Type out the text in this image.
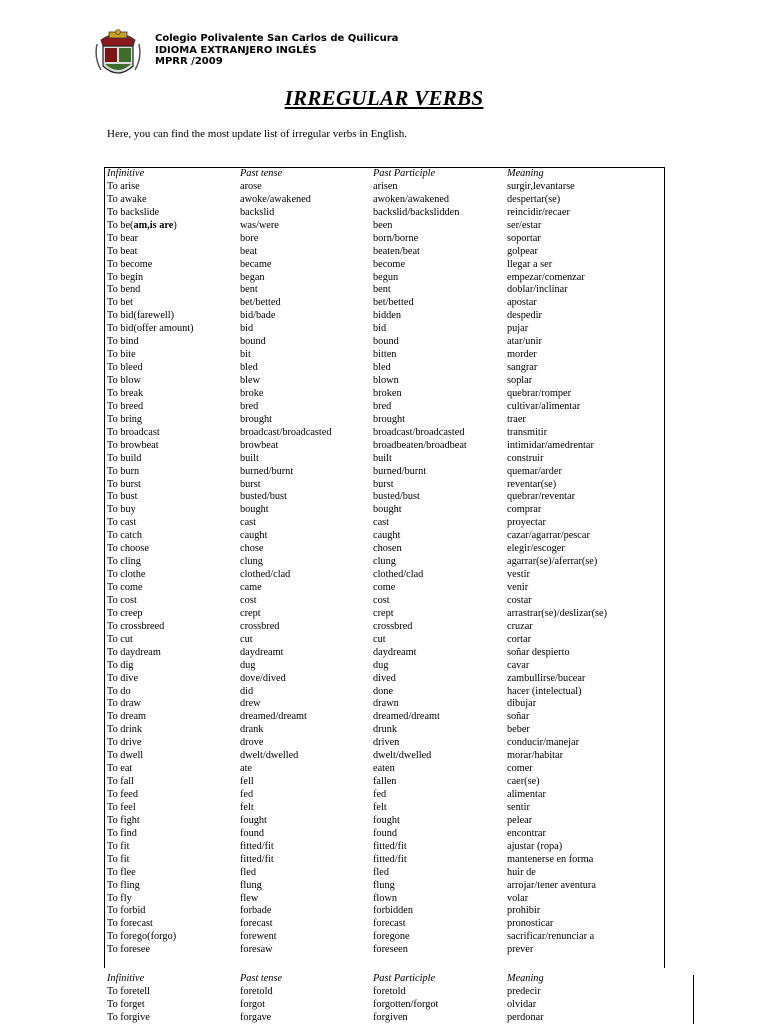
Colegio Polivalente San Carlos de Quilicura
IDIOMA EXTRANJERO INGLÉS
MPRR /2009
IRREGULAR VERBS
Here, you can find the most update list of irregular verbs in English.
Infinitive	Past tense	Past Participle	Meaning
To arise	arose	arisen	surgir,levantarse
To awake	awoke/awakened	awoken/awakened	despertar(se)
To backslide	backslid	backslid/backslidden	reincidir/recaer
To be(am,is are)	was/were	been	ser/estar
To bear	bore	born/borne	soportar
To beat	beat	beaten/beat	golpear
To become	became	become	llegar a ser
To begin	began	begun	empezar/comenzar
To bend	bent	bent	doblar/inclinar
To bet	bet/betted	bet/betted	apostar
To bid(farewell)	bid/bade	bidden	despedir
To bid(offer amount)	bid	bid	pujar
To bind	bound	bound	atar/unir
To bite	bit	bitten	morder
To bleed	bled	bled	sangrar
To blow	blew	blown	soplar
To break	broke	broken	quebrar/romper
To breed	bred	bred	cultivar/alimentar
To bring	brought	brought	traer
To broadcast	broadcast/broadcasted	broadcast/broadcasted	transmitir
To browbeat	browbeat	broadbeaten/broadbeat	intimidar/amedrentar
To build	built	built	construir
To burn	burned/burnt	burned/burnt	quemar/arder
To burst	burst	burst	reventar(se)
To bust	busted/bust	busted/bust	quebrar/reventar
To buy	bought	bought	comprar
To cast	cast	cast	proyectar
To catch	caught	caught	cazar/agarrar/pescar
To choose	chose	chosen	elegir/escoger
To cling	clung	clung	agarrar(se)/aferrar(se)
To clothe	clothed/clad	clothed/clad	vestir
To come	came	come	venir
To cost	cost	cost	costar
To creep	crept	crept	arrastrar(se)/deslizar(se)
To crossbreed	crossbred	crossbred	cruzar
To cut	cut	cut	cortar
To daydream	daydreamt	daydreamt	soñar despierto
To dig	dug	dug	cavar
To dive	dove/dived	dived	zambullirse/bucear
To do	did	done	hacer (intelectual)
To draw	drew	drawn	dibujar
To dream	dreamed/dreamt	dreamed/dreamt	soñar
To drink	drank	drunk	beber
To drive	drove	driven	conducir/manejar
To dwell	dwelt/dwelled	dwelt/dwelled	morar/habitar
To eat	ate	eaten	comer
To fall	fell	fallen	caer(se)
To feed	fed	fed	alimentar
To feel	felt	felt	sentir
To fight	fought	fought	pelear
To find	found	found	encontrar
To fit	fitted/fit	fitted/fit	ajustar (ropa)
To fit	fitted/fit	fitted/fit	mantenerse en forma
To flee	fled	fled	huir de
To fling	flung	flung	arrojar/tener aventura
To fly	flew	flown	volar
To forbid	forbade	forbidden	prohibir
To forecast	forecast	forecast	pronosticar
To forego(forgo)	forewent	foregone	sacrificar/renunciar a
To foresee	foresaw	foreseen	prever
Infinitive	Past tense	Past Participle	Meaning
To foretell	foretold	foretold	predecir
To forget	forgot	forgotten/forgot	olvidar
To forgive	forgave	forgiven	perdonar
